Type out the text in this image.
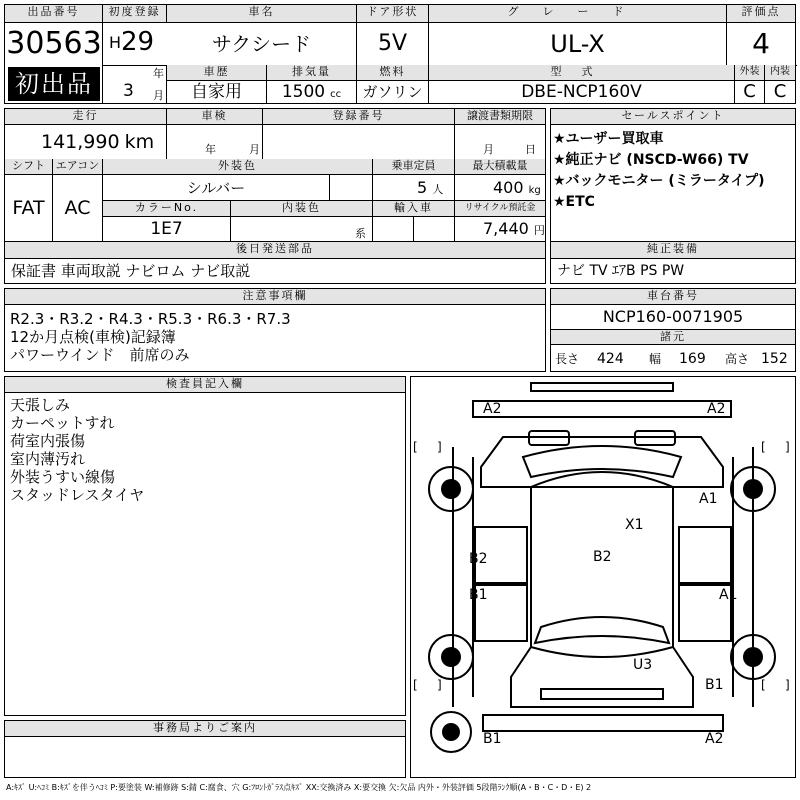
出品番号
30563
初出品
初度登録
H 29
年
車名
サクシード
ドア形状
5V
グレード
UL-X
評価点
4
3 月
車歴
自家用
排気量
1500 cc
燃料
ガソリン
型式
DBE-NCP160V
外装
C
内装
C
走行
141,990 km
車検
年	月
登録番号	譲渡書類期限
月	日
シフト
FAT
エアコン
AC
外装色
シルバー
乗車定員
5 人
最大積載量
400 kg
カラーNo.
1E7
内装色
系
輸入車	リサイクル預託金
7,440 円
後日発送部品
保証書 車両取説 ナビロム ナビ取説
セールスポイント
★ユーザー買取車
★純正ナビ (NSCD-W66) TV
★バックモニター (ミラータイプ)
★ETC
純正装備
ナビ TV ｴｱB PS PW
注意事項欄
R2.3・R3.2・R4.3・R5.3・R6.3・R7.3
12か月点検(車検)記録簿
パワーウインド　前席のみ
車台番号
NCP160-0071905
諸元
長さ 424 幅 169 高さ 152
検査員記入欄
天張しみ
カーペットすれ
荷室内張傷
室内薄汚れ
外装うすい線傷
スタッドレスタイヤ
事務局よりご案内
[ ]	[ ]
[ ]	[ ]
A2	A2
A1
X1
B2	B2
B1	A1
U3
B1
B1	A2
A:ｷｽﾞ U:ﾍｺﾐ B:ｷｽﾞを伴うﾍｺﾐ P:要塗装 W:補修跡 S:錆 C:腐食、穴 G:ﾌﾛﾝﾄｶﾞﾗｽ点ｷｽﾞ XX:交換済み X:要交換 欠:欠品 内外・外装評価 5段階ﾗﾝｸ順(A・B・C・D・E) 2
